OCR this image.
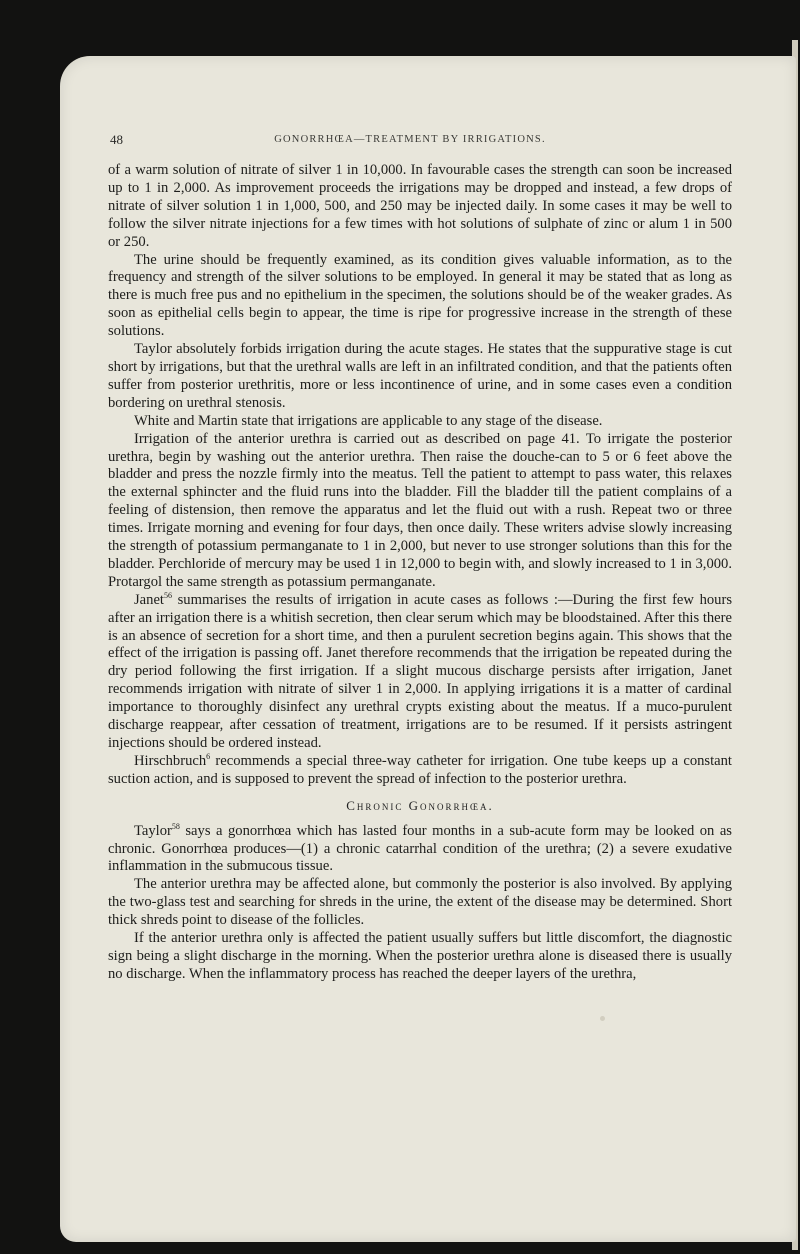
48	GONORRHŒA—TREATMENT BY IRRIGATIONS.

of a warm solution of nitrate of silver 1 in 10,000. In favourable cases the strength can soon be increased up to 1 in 2,000. As improvement proceeds the irrigations may be dropped and instead, a few drops of nitrate of silver solution 1 in 1,000, 500, and 250 may be injected daily. In some cases it may be well to follow the silver nitrate injections for a few times with hot solutions of sulphate of zinc or alum 1 in 500 or 250.

The urine should be frequently examined, as its condition gives valuable information, as to the frequency and strength of the silver solutions to be employed. In general it may be stated that as long as there is much free pus and no epithelium in the specimen, the solutions should be of the weaker grades. As soon as epithelial cells begin to appear, the time is ripe for progressive increase in the strength of these solutions.

Taylor absolutely forbids irrigation during the acute stages. He states that the suppurative stage is cut short by irrigations, but that the urethral walls are left in an infiltrated condition, and that the patients often suffer from posterior urethritis, more or less incontinence of urine, and in some cases even a condition bordering on urethral stenosis.

White and Martin state that irrigations are applicable to any stage of the disease.

Irrigation of the anterior urethra is carried out as described on page 41. To irrigate the posterior urethra, begin by washing out the anterior urethra. Then raise the douche-can to 5 or 6 feet above the bladder and press the nozzle firmly into the meatus. Tell the patient to attempt to pass water, this relaxes the external sphincter and the fluid runs into the bladder. Fill the bladder till the patient complains of a feeling of distension, then remove the apparatus and let the fluid out with a rush. Repeat two or three times. Irrigate morning and evening for four days, then once daily. These writers advise slowly increasing the strength of potassium permanganate to 1 in 2,000, but never to use stronger solutions than this for the bladder. Perchloride of mercury may be used 1 in 12,000 to begin with, and slowly increased to 1 in 3,000. Protargol the same strength as potassium permanganate.

Janet$^{56}$ summarises the results of irrigation in acute cases as follows :—During the first few hours after an irrigation there is a whitish secretion, then clear serum which may be bloodstained. After this there is an absence of secretion for a short time, and then a purulent secretion begins again. This shows that the effect of the irrigation is passing off. Janet therefore recommends that the irrigation be repeated during the dry period following the first irrigation. If a slight mucous discharge persists after irrigation, Janet recommends irrigation with nitrate of silver 1 in 2,000. In applying irrigations it is a matter of cardinal importance to thoroughly disinfect any urethral crypts existing about the meatus. If a muco-purulent discharge reappear, after cessation of treatment, irrigations are to be resumed. If it persists astringent injections should be ordered instead.

Hirschbruch$^6$ recommends a special three-way catheter for irrigation. One tube keeps up a constant suction action, and is supposed to prevent the spread of infection to the posterior urethra.

Chronic Gonorrhœa.

Taylor$^{58}$ says a gonorrhœa which has lasted four months in a sub-acute form may be looked on as chronic. Gonorrhœa produces—(1) a chronic catarrhal condition of the urethra; (2) a severe exudative inflammation in the submucous tissue.

The anterior urethra may be affected alone, but commonly the posterior is also involved. By applying the two-glass test and searching for shreds in the urine, the extent of the disease may be determined. Short thick shreds point to disease of the follicles.

If the anterior urethra only is affected the patient usually suffers but little discomfort, the diagnostic sign being a slight discharge in the morning. When the posterior urethra alone is diseased there is usually no discharge. When the inflammatory process has reached the deeper layers of the urethra,
